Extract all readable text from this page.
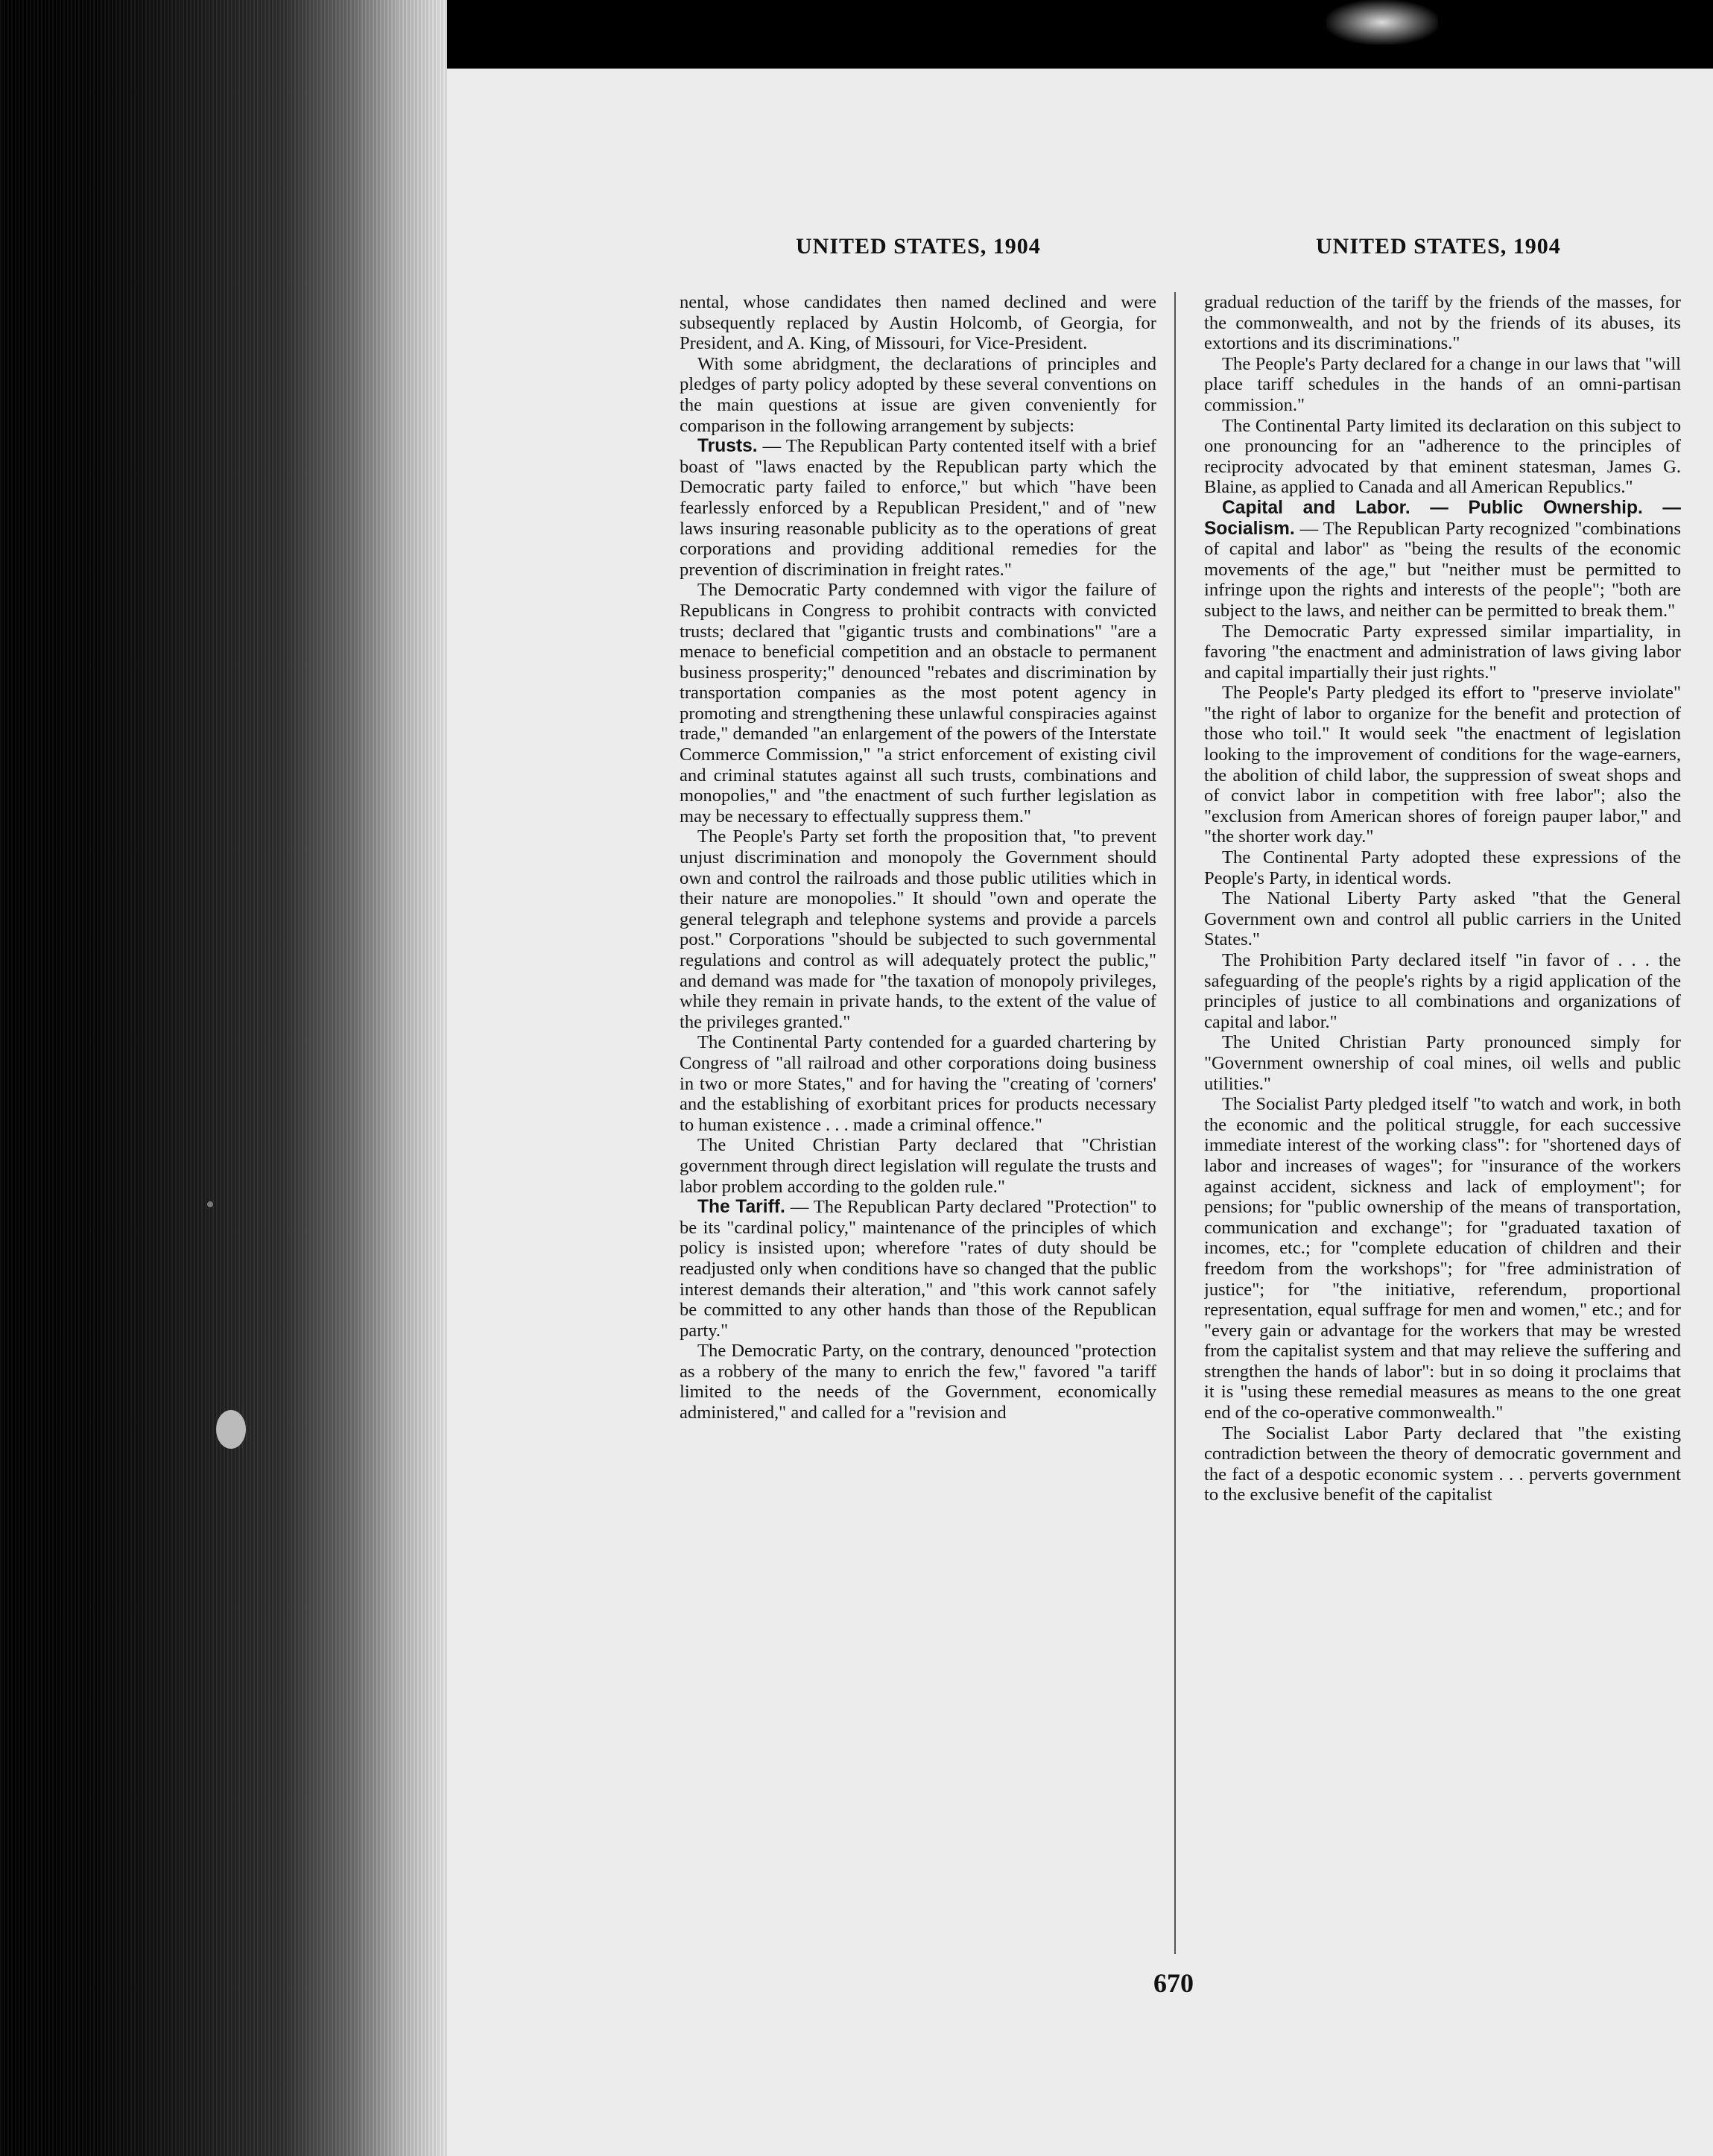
UNITED STATES, 1904	UNITED STATES, 1904

nental, whose candidates then named declined and were subsequently replaced by Austin Holcomb, of Georgia, for President, and A. King, of Missouri, for Vice-President.

With some abridgment, the declarations of principles and pledges of party policy adopted by these several conventions on the main questions at issue are given conveniently for comparison in the following arrangement by subjects:

Trusts. — The Republican Party contented itself with a brief boast of "laws enacted by the Republican party which the Democratic party failed to enforce," but which "have been fearlessly enforced by a Republican President," and of "new laws insuring reasonable publicity as to the operations of great corporations and providing additional remedies for the prevention of discrimination in freight rates."

The Democratic Party condemned with vigor the failure of Republicans in Congress to prohibit contracts with convicted trusts; declared that "gigantic trusts and combinations" "are a menace to beneficial competition and an obstacle to permanent business prosperity;" denounced "rebates and discrimination by transportation companies as the most potent agency in promoting and strengthening these unlawful conspiracies against trade," demanded "an enlargement of the powers of the Interstate Commerce Commission," "a strict enforcement of existing civil and criminal statutes against all such trusts, combinations and monopolies," and "the enactment of such further legislation as may be necessary to effectually suppress them."

The People's Party set forth the proposition that, "to prevent unjust discrimination and monopoly the Government should own and control the railroads and those public utilities which in their nature are monopolies." It should "own and operate the general telegraph and telephone systems and provide a parcels post." Corporations "should be subjected to such governmental regulations and control as will adequately protect the public," and demand was made for "the taxation of monopoly privileges, while they remain in private hands, to the extent of the value of the privileges granted."

The Continental Party contended for a guarded chartering by Congress of "all railroad and other corporations doing business in two or more States," and for having the "creating of 'corners' and the establishing of exorbitant prices for products necessary to human existence . . . made a criminal offence."

The United Christian Party declared that "Christian government through direct legislation will regulate the trusts and labor problem according to the golden rule."

The Tariff. — The Republican Party declared "Protection" to be its "cardinal policy," maintenance of the principles of which policy is insisted upon; wherefore "rates of duty should be readjusted only when conditions have so changed that the public interest demands their alteration," and "this work cannot safely be committed to any other hands than those of the Republican party."

The Democratic Party, on the contrary, denounced "protection as a robbery of the many to enrich the few," favored "a tariff limited to the needs of the Government, economically administered," and called for a "revision and

gradual reduction of the tariff by the friends of the masses, for the commonwealth, and not by the friends of its abuses, its extortions and its discriminations."

The People's Party declared for a change in our laws that "will place tariff schedules in the hands of an omni-partisan commission."

The Continental Party limited its declaration on this subject to one pronouncing for an "adherence to the principles of reciprocity advocated by that eminent statesman, James G. Blaine, as applied to Canada and all American Republics."

Capital and Labor. — Public Ownership. — Socialism. — The Republican Party recognized "combinations of capital and labor" as "being the results of the economic movements of the age," but "neither must be permitted to infringe upon the rights and interests of the people"; "both are subject to the laws, and neither can be permitted to break them."

The Democratic Party expressed similar impartiality, in favoring "the enactment and administration of laws giving labor and capital impartially their just rights."

The People's Party pledged its effort to "preserve inviolate" "the right of labor to organize for the benefit and protection of those who toil." It would seek "the enactment of legislation looking to the improvement of conditions for the wage-earners, the abolition of child labor, the suppression of sweat shops and of convict labor in competition with free labor"; also the "exclusion from American shores of foreign pauper labor," and "the shorter work day."

The Continental Party adopted these expressions of the People's Party, in identical words.

The National Liberty Party asked "that the General Government own and control all public carriers in the United States."

The Prohibition Party declared itself "in favor of . . . the safeguarding of the people's rights by a rigid application of the principles of justice to all combinations and organizations of capital and labor."

The United Christian Party pronounced simply for "Government ownership of coal mines, oil wells and public utilities."

The Socialist Party pledged itself "to watch and work, in both the economic and the political struggle, for each successive immediate interest of the working class": for "shortened days of labor and increases of wages"; for "insurance of the workers against accident, sickness and lack of employment"; for pensions; for "public ownership of the means of transportation, communication and exchange"; for "graduated taxation of incomes, etc.; for "complete education of children and their freedom from the workshops"; for "free administration of justice"; for "the initiative, referendum, proportional representation, equal suffrage for men and women," etc.; and for "every gain or advantage for the workers that may be wrested from the capitalist system and that may relieve the suffering and strengthen the hands of labor": but in so doing it proclaims that it is "using these remedial measures as means to the one great end of the co-operative commonwealth."

The Socialist Labor Party declared that "the existing contradiction between the theory of democratic government and the fact of a despotic economic system . . . perverts government to the exclusive benefit of the capitalist

670
